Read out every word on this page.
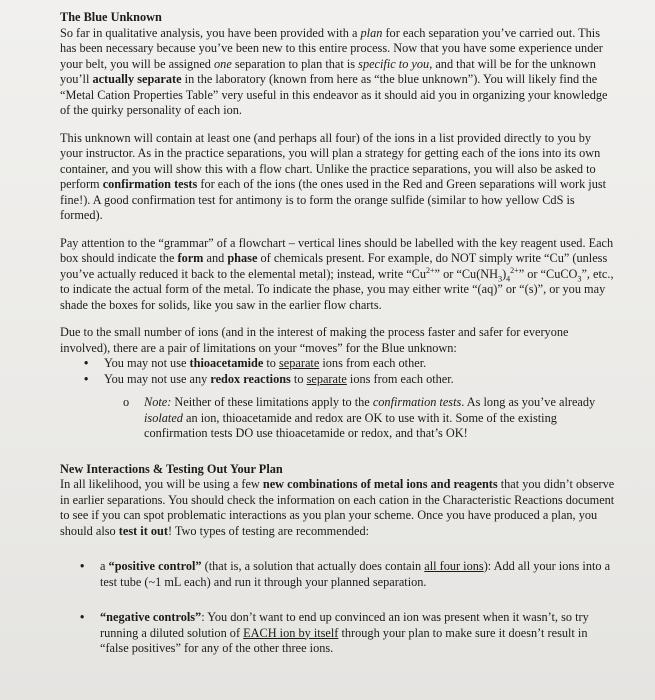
The Blue Unknown

So far in qualitative analysis, you have been provided with a plan for each separation you’ve carried out. This has been necessary because you’ve been new to this entire process. Now that you have some experience under your belt, you will be assigned one separation to plan that is specific to you, and that will be for the unknown you’ll actually separate in the laboratory (known from here as “the blue unknown”). You will likely find the “Metal Cation Properties Table” very useful in this endeavor as it should aid you in organizing your knowledge of the quirky personality of each ion.

This unknown will contain at least one (and perhaps all four) of the ions in a list provided directly to you by your instructor. As in the practice separations, you will plan a strategy for getting each of the ions into its own container, and you will show this with a flow chart. Unlike the practice separations, you will also be asked to perform confirmation tests for each of the ions (the ones used in the Red and Green separations will work just fine!). A good confirmation test for antimony is to form the orange sulfide (similar to how yellow CdS is formed).

Pay attention to the “grammar” of a flowchart – vertical lines should be labelled with the key reagent used. Each box should indicate the form and phase of chemicals present. For example, do NOT simply write “Cu” (unless you’ve actually reduced it back to the elemental metal); instead, write “$Cu^{2+}$” or “$Cu(NH_3)_4^{2+}$” or “CuCO$_3$”, etc., to indicate the actual form of the metal. To indicate the phase, you may either write “(aq)” or “(s)”, or you may shade the boxes for solids, like you saw in the earlier flow charts.

Due to the small number of ions (and in the interest of making the process faster and safer for everyone involved), there are a pair of limitations on your “moves” for the Blue unknown:

• You may not use thioacetamide to separate ions from each other.
• You may not use any redox reactions to separate ions from each other.
o Note: Neither of these limitations apply to the confirmation tests. As long as you’ve already isolated an ion, thioacetamide and redox are OK to use with it. Some of the existing confirmation tests DO use thioacetamide or redox, and that’s OK!

New Interactions & Testing Out Your Plan

In all likelihood, you will be using a few new combinations of metal ions and reagents that you didn’t observe in earlier separations. You should check the information on each cation in the Characteristic Reactions document to see if you can spot problematic interactions as you plan your scheme. Once you have produced a plan, you should also test it out! Two types of testing are recommended:

• a “positive control” (that is, a solution that actually does contain all four ions): Add all your ions into a test tube (~1 mL each) and run it through your planned separation.
• “negative controls”: You don’t want to end up convinced an ion was present when it wasn’t, so try running a diluted solution of EACH ion by itself through your plan to make sure it doesn’t result in “false positives” for any of the other three ions.
